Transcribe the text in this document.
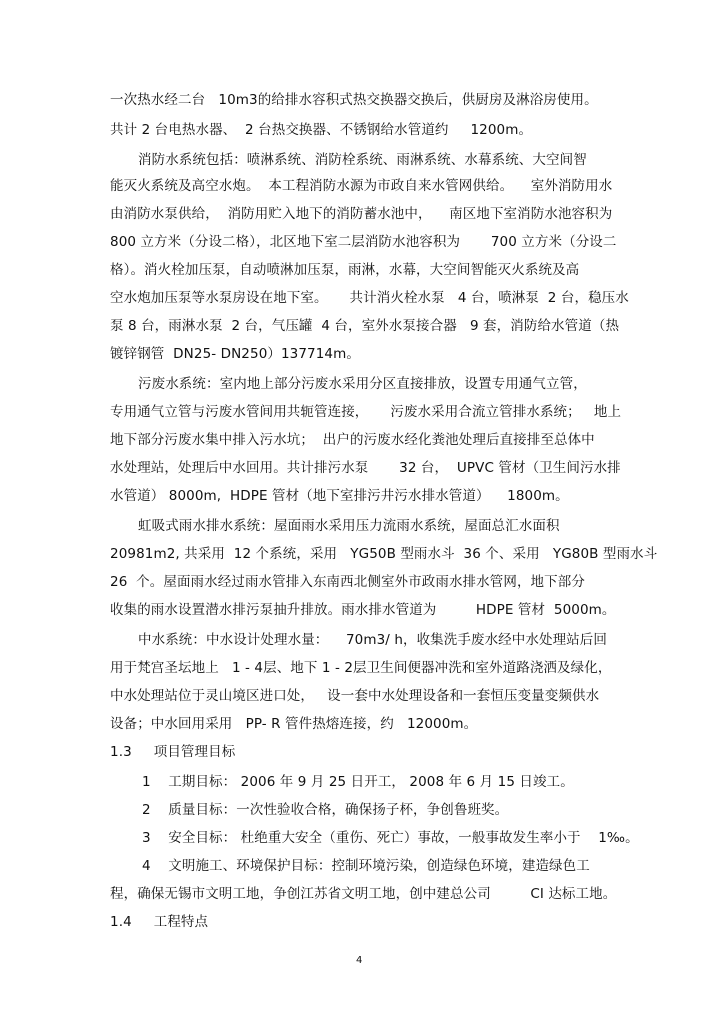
一次热水经二台   10m3的给排水容积式热交换器交换后，供厨房及淋浴房使用。
共计 2 台电热水器、  2 台热交换器、不锈钢给水管道约     1200m。
消防水系统包括：喷淋系统、消防栓系统、雨淋系统、水幕系统、大空间智
能灭火系统及高空水炮。  本工程消防水源为市政自来水管网供给。    室外消防用水
由消防水泵供给，  消防用贮入地下的消防蓄水池中，    南区地下室消防水池容积为
800 立方米（分设二格），北区地下室二层消防水池容积为       700 立方米（分设二
格）。消火栓加压泵，自动喷淋加压泵，雨淋，水幕，大空间智能灭火系统及高
空水炮加压泵等水泵房设在地下室。     共计消火栓水泵   4 台，喷淋泵  2 台，稳压水
泵 8 台，雨淋水泵  2 台，气压罐  4 台，室外水泵接合器   9 套，消防给水管道（热
镀锌钢管  DN25- DN250）137714m。
污废水系统：室内地上部分污废水采用分区直接排放，设置专用通气立管，
专用通气立管与污废水管间用共轭管连接，     污废水采用合流立管排水系统；   地上
地下部分污废水集中排入污水坑；  出户的污废水经化粪池处理后直接排至总体中
水处理站，处理后中水回用。共计排污水泵       32 台，  UPVC 管材（卫生间污水排
水管道） 8000m,  HDPE 管材（地下室排污井污水排水管道）    1800m。
虹吸式雨水排水系统：屋面雨水采用压力流雨水系统，屋面总汇水面积
20981m2, 共采用  12 个系统，采用   YG50B 型雨水斗  36 个、采用   YG80B 型雨水斗
26  个。屋面雨水经过雨水管排入东南西北侧室外市政雨水排水管网，地下部分
收集的雨水设置潜水排污泵抽升排放。雨水排水管道为         HDPE 管材  5000m。
中水系统：中水设计处理水量：    70m3/ h，收集洗手废水经中水处理站后回
用于梵宫圣坛地上   1 - 4层、地下 1 - 2层卫生间便器冲洗和室外道路浇洒及绿化，
中水处理站位于灵山境区进口处，   设一套中水处理设备和一套恒压变量变频供水
设备；中水回用采用   PP- R 管件热熔连接，约   12000m。
1.3     项目管理目标
1    工期目标： 2006 年 9 月 25 日开工， 2008 年 6 月 15 日竣工。
2    质量目标：一次性验收合格，确保扬子杯，争创鲁班奖。
3    安全目标： 杜绝重大安全（重伤、死亡）事故，一般事故发生率小于    1‰。
4    文明施工、环境保护目标：控制环境污染，创造绿色环境，建造绿色工
程，确保无锡市文明工地，争创江苏省文明工地，创中建总公司         CI 达标工地。
1.4     工程特点
4
